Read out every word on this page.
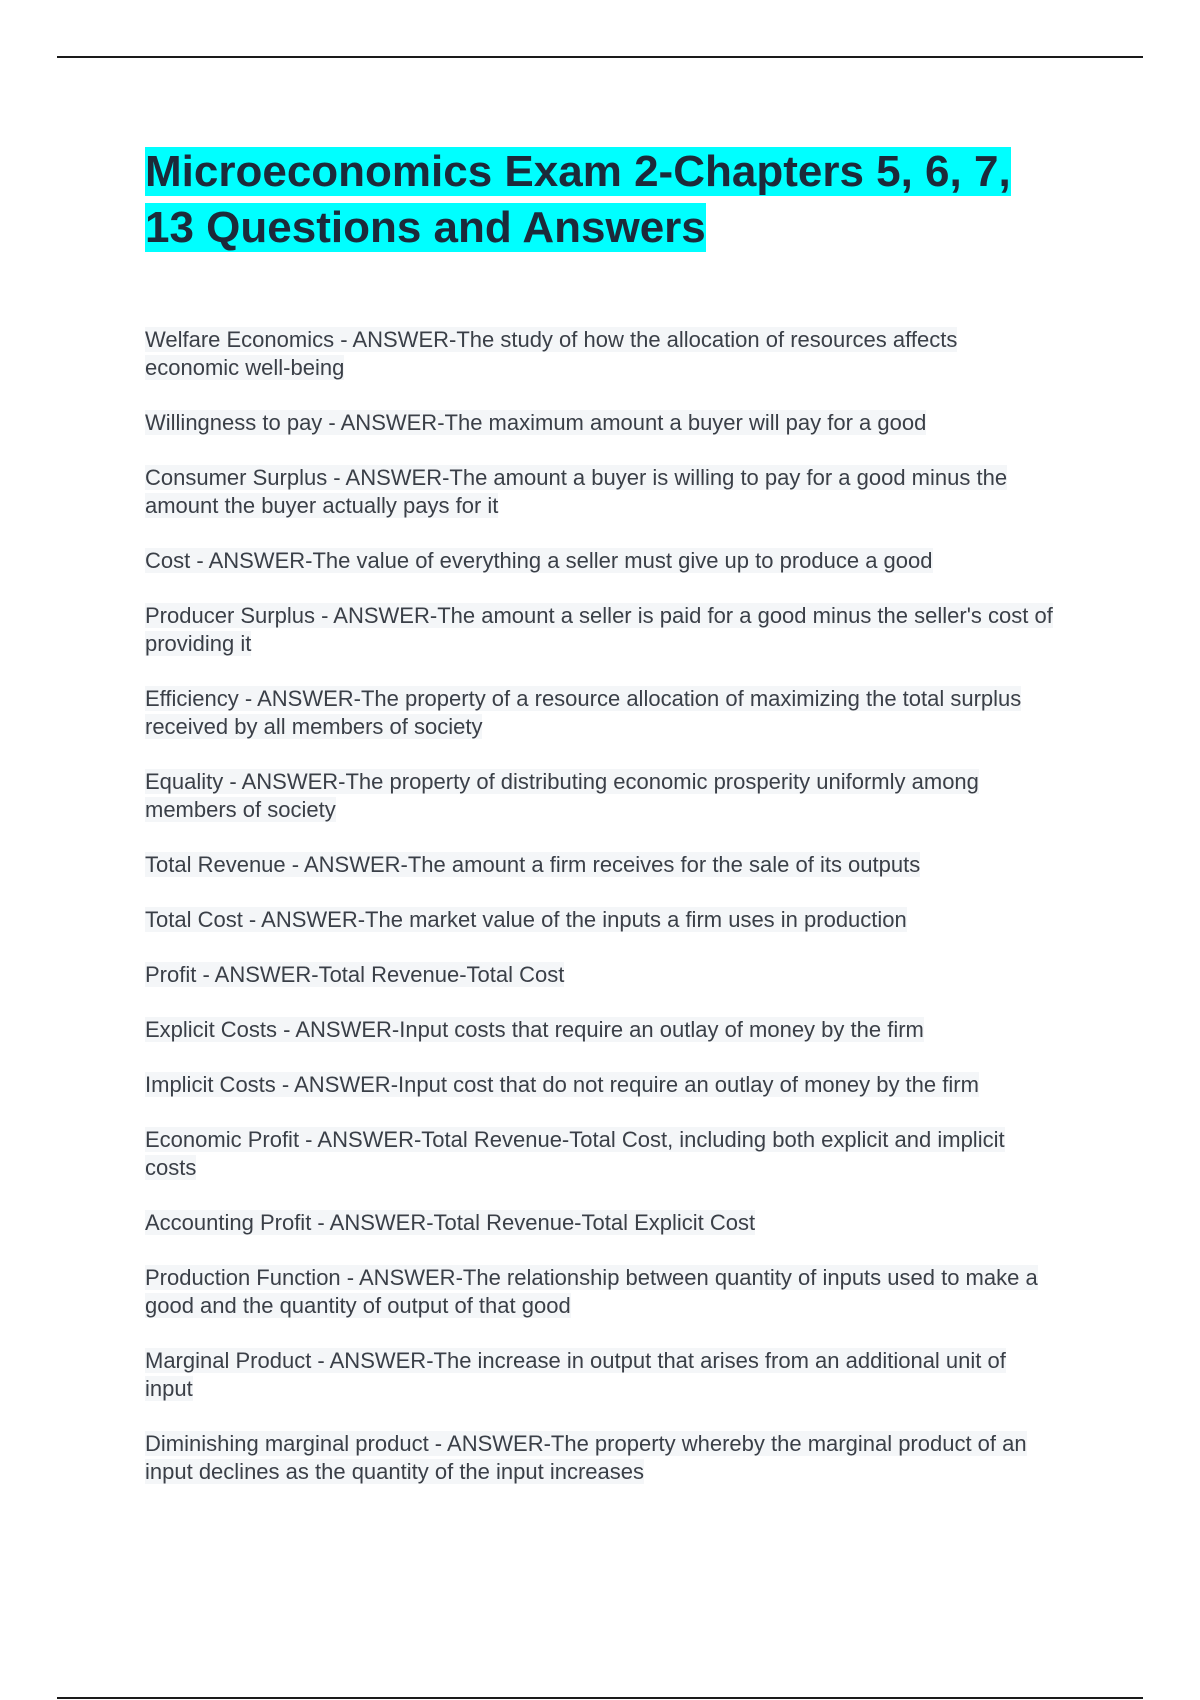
Microeconomics Exam 2-Chapters 5, 6, 7, 13 Questions and Answers
Welfare Economics - ANSWER-The study of how the allocation of resources affects economic well-being
Willingness to pay - ANSWER-The maximum amount a buyer will pay for a good
Consumer Surplus - ANSWER-The amount a buyer is willing to pay for a good minus the amount the buyer actually pays for it
Cost - ANSWER-The value of everything a seller must give up to produce a good
Producer Surplus - ANSWER-The amount a seller is paid for a good minus the seller's cost of providing it
Efficiency - ANSWER-The property of a resource allocation of maximizing the total surplus received by all members of society
Equality - ANSWER-The property of distributing economic prosperity uniformly among members of society
Total Revenue - ANSWER-The amount a firm receives for the sale of its outputs
Total Cost - ANSWER-The market value of the inputs a firm uses in production
Profit - ANSWER-Total Revenue-Total Cost
Explicit Costs - ANSWER-Input costs that require an outlay of money by the firm
Implicit Costs - ANSWER-Input cost that do not require an outlay of money by the firm
Economic Profit - ANSWER-Total Revenue-Total Cost, including both explicit and implicit costs
Accounting Profit - ANSWER-Total Revenue-Total Explicit Cost
Production Function - ANSWER-The relationship between quantity of inputs used to make a good and the quantity of output of that good
Marginal Product - ANSWER-The increase in output that arises from an additional unit of input
Diminishing marginal product - ANSWER-The property whereby the marginal product of an input declines as the quantity of the input increases
